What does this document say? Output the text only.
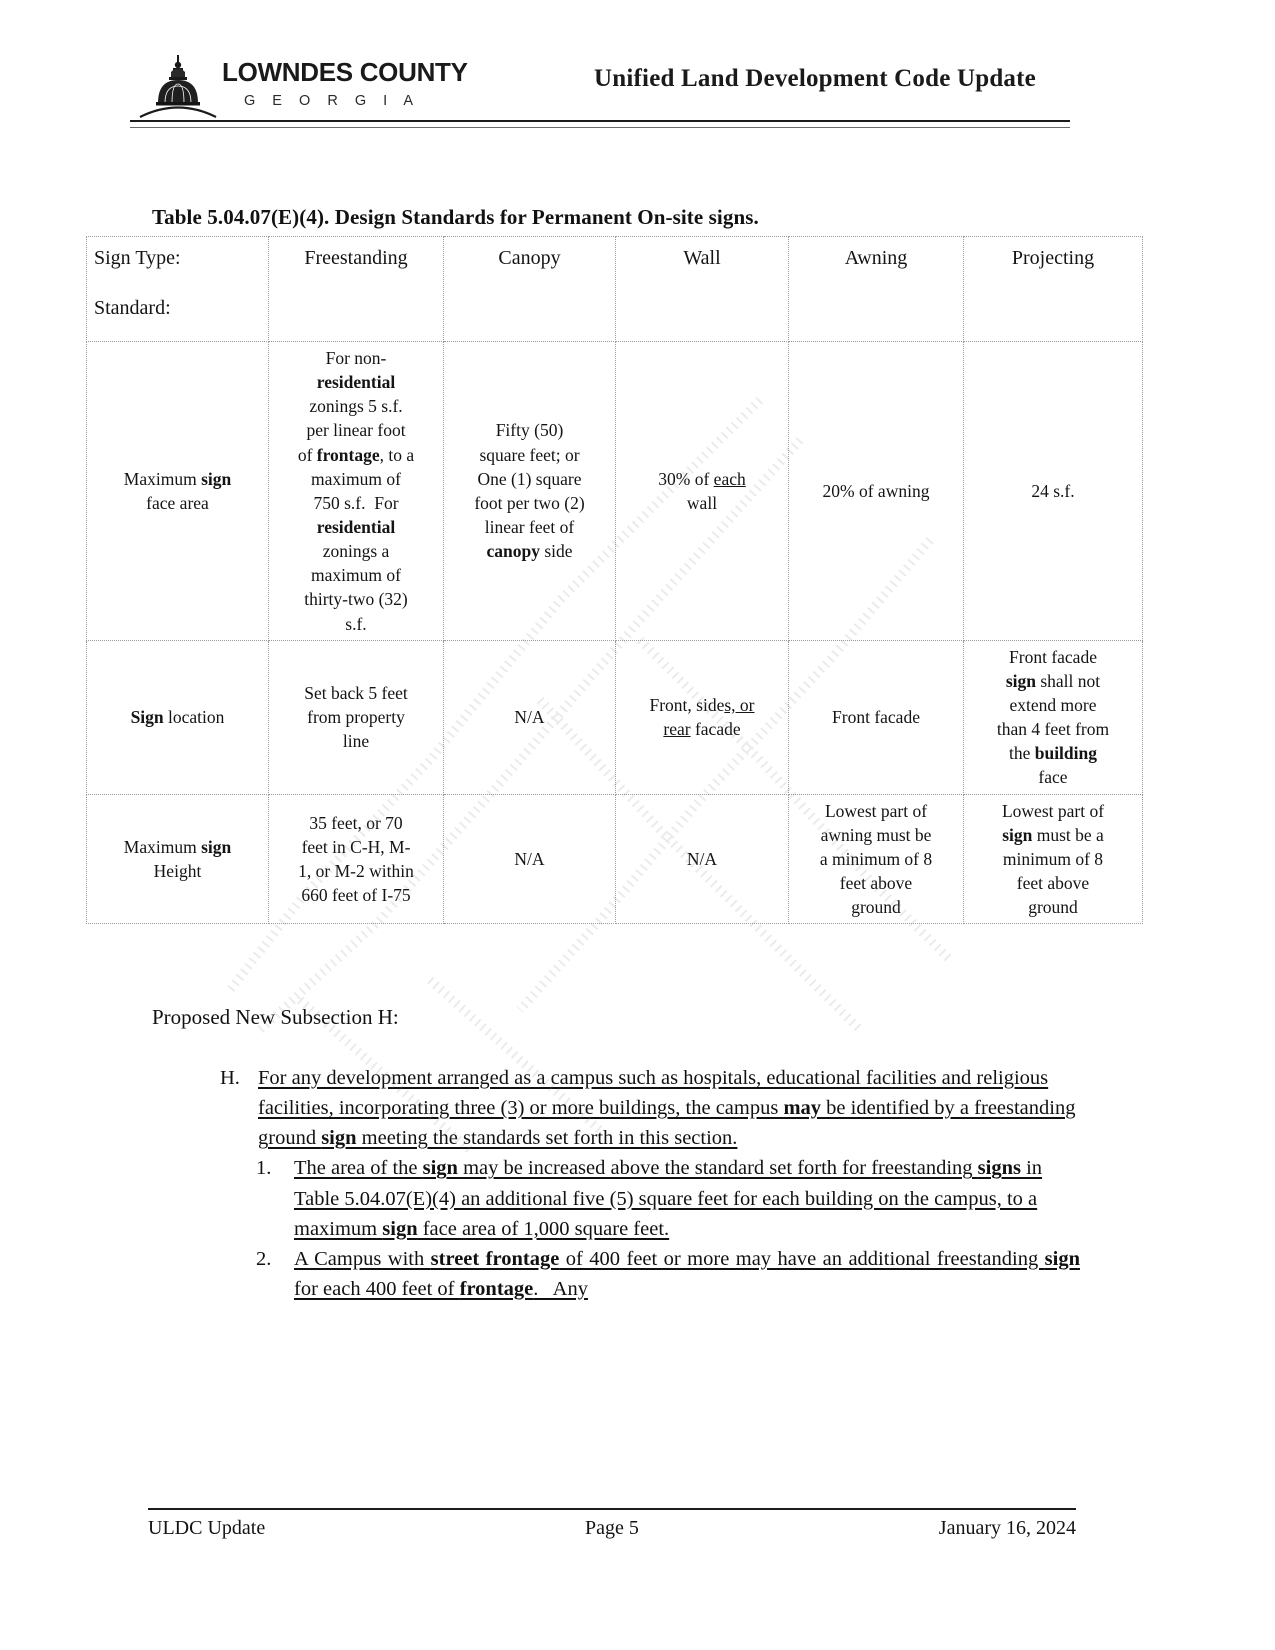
LOWNDES COUNTY
G E O R G I A
Unified Land Development Code Update
Table 5.04.07(E)(4). Design Standards for Permanent On-site signs.
Sign Type:
Standard:	Freestanding	Canopy	Wall	Awning	Projecting
Maximum sign
face area	For non-
residential
zonings 5 s.f.
per linear foot
of frontage, to a
maximum of
750 s.f.  For
residential
zonings a
maximum of
thirty-two (32)
s.f.	Fifty (50)
square feet; or
One (1) square
foot per two (2)
linear feet of
canopy side	30% of each
wall	20% of awning	24 s.f.
Sign location	Set back 5 feet
from property
line	N/A	Front, sides, or
rear facade	Front facade	Front facade
sign shall not
extend more
than 4 feet from
the building
face
Maximum sign
Height	35 feet, or 70
feet in C-H, M-
1, or M-2 within
660 feet of I-75	N/A	N/A	Lowest part of
awning must be
a minimum of 8
feet above
ground	Lowest part of
sign must be a
minimum of 8
feet above
ground
Proposed New Subsection H:
H. For any development arranged as a campus such as hospitals, educational facilities and religious facilities, incorporating three (3) or more buildings, the campus may be identified by a freestanding ground sign meeting the standards set forth in this section.
1.	The area of the sign may be increased above the standard set forth for freestanding signs in Table 5.04.07(E)(4) an additional five (5) square feet for each building on the campus, to a maximum sign face area of 1,000 square feet.
2.	A Campus with street frontage of 400 feet or more may have an additional freestanding sign for each 400 feet of frontage.   Any
ULDC Update	Page 5	January 16, 2024
